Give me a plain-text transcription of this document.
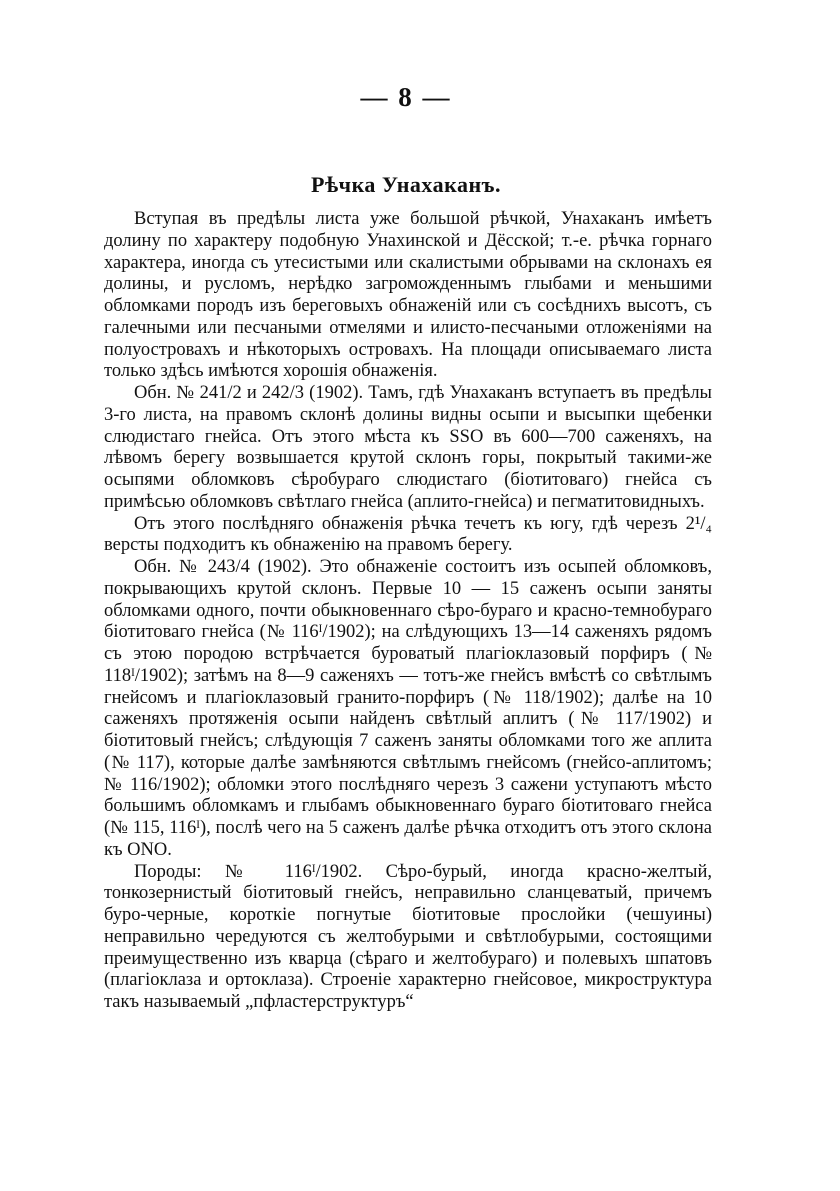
— 8 —
Рѣчка Унахаканъ.

Вступая въ предѣлы листа уже большой рѣчкой, Унахаканъ имѣетъ долину по характеру подобную Унахинской и Дёсской; т.-е. рѣчка горнаго характера, иногда съ утесистыми или скалистыми обрывами на склонахъ ея долины, и русломъ, нерѣдко загроможденнымъ глыбами и меньшими обломками породъ изъ береговыхъ обнаженій или съ сосѣднихъ высотъ, съ галечными или песчаными отмелями и илисто-песчаными отложеніями на полуостровахъ и нѣкоторыхъ островахъ. На площади описываемаго листа только здѣсь имѣются хорошія обнаженія.

Обн. № 241/2 и 242/3 (1902). Тамъ, гдѣ Унахаканъ вступаетъ въ предѣлы 3-го листа, на правомъ склонѣ долины видны осыпи и высыпки щебенки слюдистаго гнейса. Отъ этого мѣста къ SSO въ 600—700 саженяхъ, на лѣвомъ берегу возвышается крутой склонъ горы, покрытый такими-же осыпями обломковъ сѣробураго слюдистаго (біотитоваго) гнейса съ примѣсью обломковъ свѣтлаго гнейса (аплито-гнейса) и пегматитовидныхъ.

Отъ этого послѣдняго обнаженія рѣчка течетъ къ югу, гдѣ черезъ 2¹/₄ версты подходитъ къ обнаженію на правомъ берегу.

Обн. № 243/4 (1902). Это обнаженіе состоитъ изъ осыпей обломковъ, покрывающихъ крутой склонъ. Первые 10 — 15 саженъ осыпи заняты обломками одного, почти обыкновеннаго сѣро-бураго и красно-темнобураго біотитоваго гнейса (№ 116ᴵ/1902); на слѣдующихъ 13—14 саженяхъ рядомъ съ этою породою встрѣчается буроватый плагіоклазовый порфиръ (№ 118ᴵ/1902); затѣмъ на 8—9 саженяхъ — тотъ-же гнейсъ вмѣстѣ со свѣтлымъ гнейсомъ и плагіоклазовый гранито-порфиръ (№ 118/1902); далѣе на 10 саженяхъ протяженія осыпи найденъ свѣтлый аплитъ (№ 117/1902) и біотитовый гнейсъ; слѣдующія 7 саженъ заняты обломками того же аплита (№ 117), которые далѣе замѣняются свѣтлымъ гнейсомъ (гнейсо-аплитомъ; № 116/1902); обломки этого послѣдняго черезъ 3 сажени уступаютъ мѣсто большимъ обломкамъ и глыбамъ обыкновеннаго бураго біотитоваго гнейса (№ 115, 116ᴵ), послѣ чего на 5 саженъ далѣе рѣчка отходитъ отъ этого склона къ ONO.

Породы: № 116ᴵ/1902. Сѣро-бурый, иногда красно-желтый, тонкозернистый біотитовый гнейсъ, неправильно сланцеватый, причемъ буро-черные, короткіе погнутые біотитовые прослойки (чешуины) неправильно чередуются съ желтобурыми и свѣтлобурыми, состоящими преимущественно изъ кварца (сѣраго и желтобураго) и полевыхъ шпатовъ (плагіоклаза и ортоклаза). Строеніе характерно гнейсовое, микроструктура такъ называемый „пфластерструктуръ“
